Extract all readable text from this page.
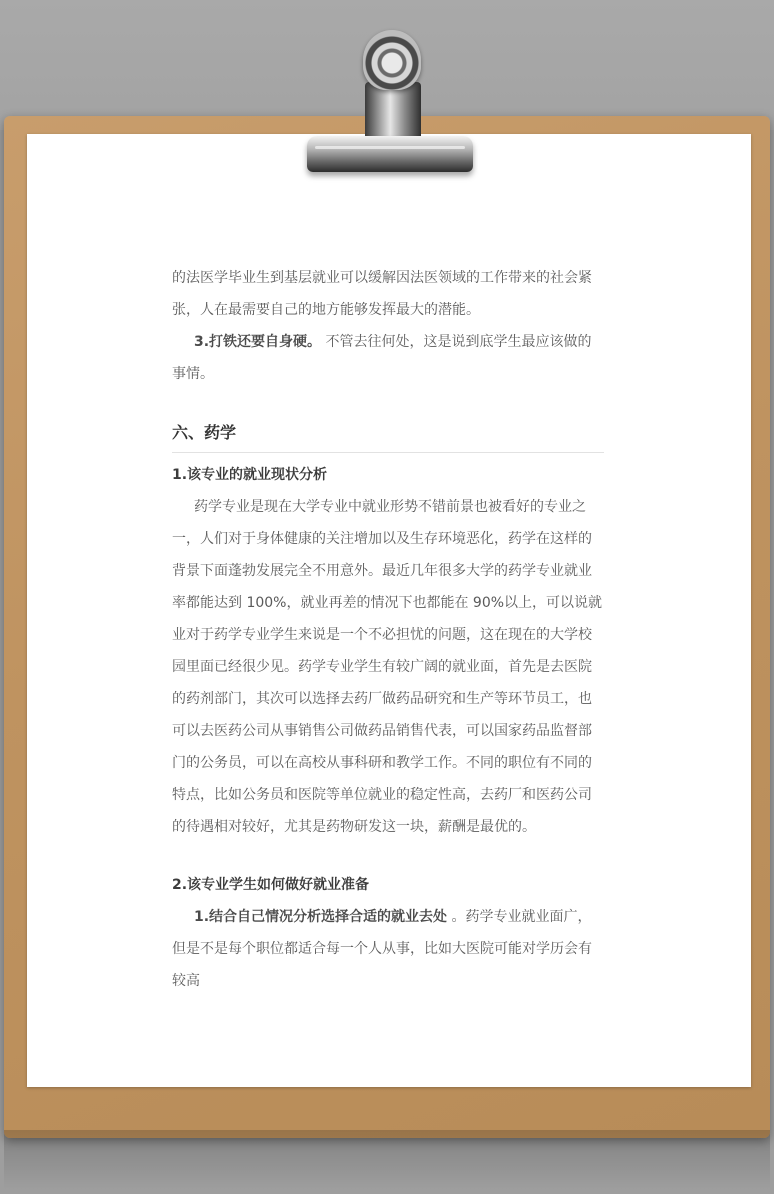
的法医学毕业生到基层就业可以缓解因法医领域的工作带来的社会紧张，人在最需要自己的地方能够发挥最大的潜能。

3.打铁还要自身硬。 不管去往何处，这是说到底学生最应该做的事情。

六、药学

1.该专业的就业现状分析

药学专业是现在大学专业中就业形势不错前景也被看好的专业之一，人们对于身体健康的关注增加以及生存环境恶化，药学在这样的背景下面蓬勃发展完全不用意外。最近几年很多大学的药学专业就业率都能达到 100%，就业再差的情况下也都能在 90%以上，可以说就业对于药学专业学生来说是一个不必担忧的问题，这在现在的大学校园里面已经很少见。药学专业学生有较广阔的就业面，首先是去医院的药剂部门，其次可以选择去药厂做药品研究和生产等环节员工，也可以去医药公司从事销售公司做药品销售代表，可以国家药品监督部门的公务员，可以在高校从事科研和教学工作。不同的职位有不同的特点，比如公务员和医院等单位就业的稳定性高，去药厂和医药公司的待遇相对较好，尤其是药物研发这一块，薪酬是最优的。

2.该专业学生如何做好就业准备

1.结合自己情况分析选择合适的就业去处 。药学专业就业面广，但是不是每个职位都适合每一个人从事，比如大医院可能对学历会有较高
